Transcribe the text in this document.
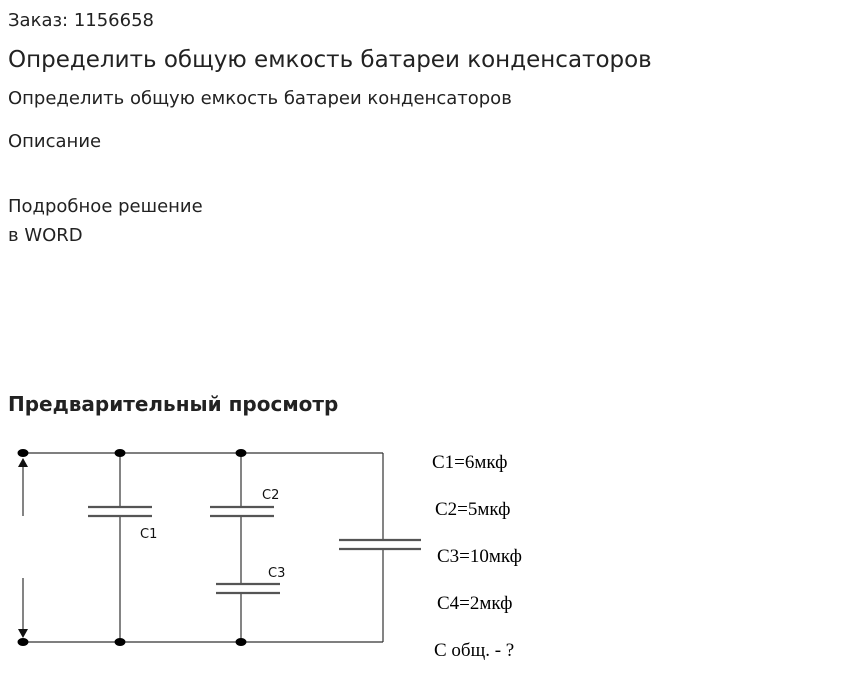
Заказ: 1156658
Определить общую емкость батареи конденсаторов
Определить общую емкость батареи конденсаторов
Описание
Подробное решение
в WORD
Предварительный просмотр
C1
C2
C3
С1=6мкф
С2=5мкф
С3=10мкф
С4=2мкф
С общ. - ?
